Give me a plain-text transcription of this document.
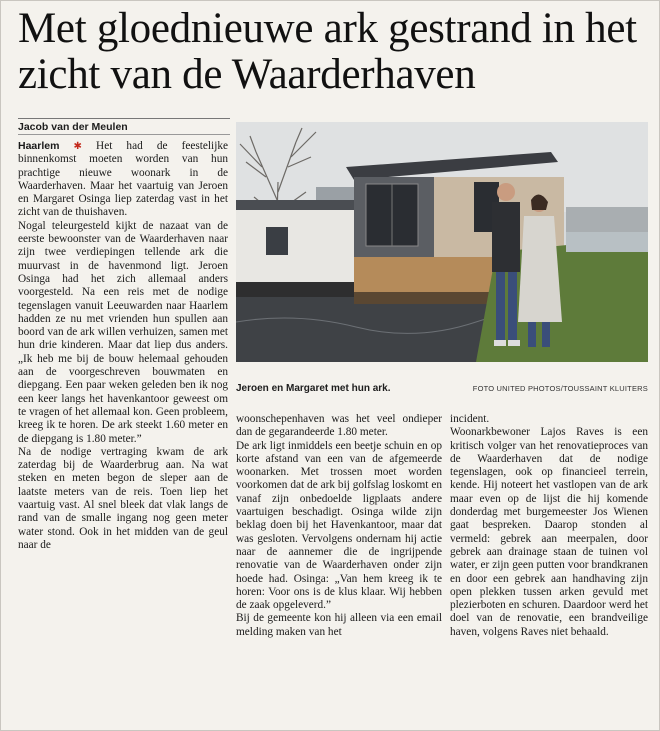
Met gloednieuwe ark gestrand in het zicht van de Waarderhaven
Jacob van der Meulen

Haarlem ✱ Het had de feestelijke binnenkomst moeten worden van hun prachtige nieuwe woonark in de Waarderhaven. Maar het vaartuig van Jeroen en Margaret Osinga liep zaterdag vast in het zicht van de thuishaven.

Nogal teleurgesteld kijkt de nazaat van de eerste bewoonster van de Waarderhaven naar zijn twee verdiepingen tellende ark die muurvast in de havenmond ligt. Jeroen Osinga had het zich allemaal anders voorgesteld. Na een reis met de nodige tegenslagen vanuit Leeuwarden naar Haarlem hadden ze nu met vrienden hun spullen aan boord van de ark willen verhuizen, samen met hun drie kinderen. Maar dat liep dus anders. „Ik heb me bij de bouw helemaal gehouden aan de voorgeschreven bouwmaten en diepgang. Een paar weken geleden ben ik nog een keer langs het havenkantoor geweest om te vragen of het allemaal kon. Geen probleem, kreeg ik te horen. De ark steekt 1.60 meter en de diepgang is 1.80 meter.”

Na de nodige vertraging kwam de ark zaterdag bij de Waarderbrug aan. Na wat steken en meten begon de sleper aan de laatste meters van de reis. Toen liep het vaartuig vast. Al snel bleek dat vlak langs de rand van de smalle ingang nog geen meter water stond. Ook in het midden van de geul naar de

Jeroen en Margaret met hun ark.	FOTO UNITED PHOTOS/TOUSSAINT KLUITERS

woonschepenhaven was het veel ondieper dan de gegarandeerde 1.80 meter.

De ark ligt inmiddels een beetje schuin en op korte afstand van een van de afgemeerde woonarken. Met trossen moet worden voorkomen dat de ark bij golfslag loskomt en vanaf zijn onbedoelde ligplaats andere vaartuigen beschadigt. Osinga wilde zijn beklag doen bij het Havenkantoor, maar dat was gesloten. Vervolgens ondernam hij actie naar de aannemer die de ingrijpende renovatie van de Waarderhaven onder zijn hoede had. Osinga: „Van hem kreeg ik te horen: Voor ons is de klus klaar. Wij hebben de zaak opgeleverd.”

Bij de gemeente kon hij alleen via een email melding maken van het

incident.

Woonarkbewoner Lajos Raves is een kritisch volger van het renovatieproces van de Waarderhaven dat de nodige tegenslagen, ook op financieel terrein, kende. Hij noteert het vastlopen van de ark maar even op de lijst die hij komende donderdag met burgemeester Jos Wienen gaat bespreken. Daarop stonden al vermeld: gebrek aan meerpalen, door gebrek aan drainage staan de tuinen vol water, er zijn geen putten voor brandkranen en door een gebrek aan handhaving zijn open plekken tussen arken gevuld met plezierboten en schuren. Daardoor werd het doel van de renovatie, een brandveilige haven, volgens Raves niet behaald.
